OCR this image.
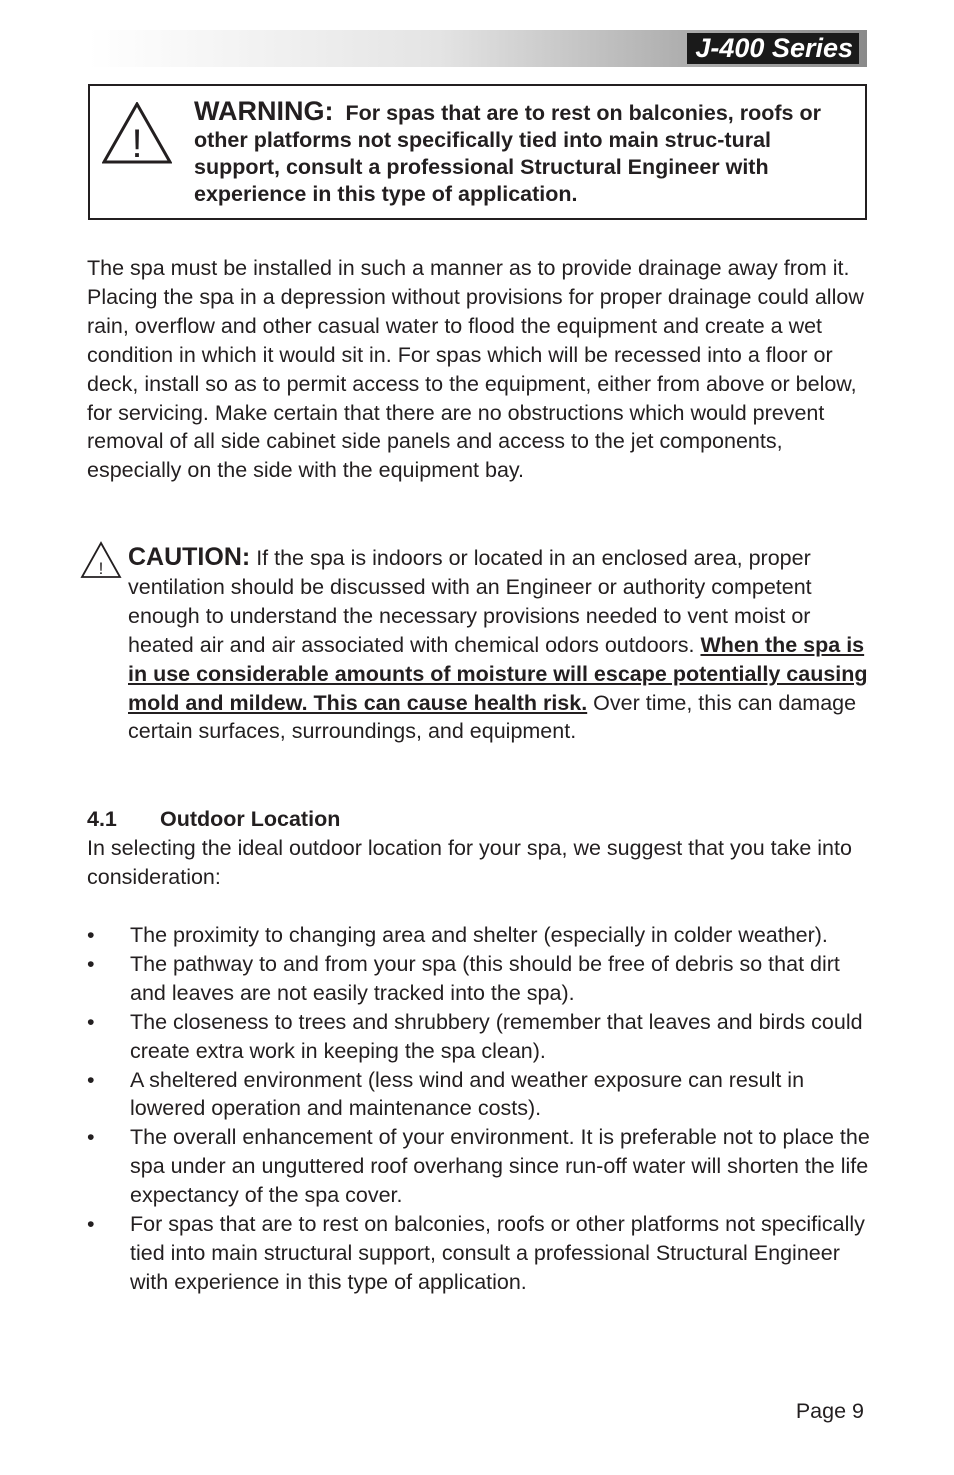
J-400 Series
!
WARNING: For spas that are to rest on balconies, roofs or other platforms not specifically tied into main struc-tural support, consult a professional Structural Engineer with experience in this type of application.
The spa must be installed in such a manner as to provide drainage away from it. Placing the spa in a depression without provisions for proper drainage could allow rain, overflow and other casual water to flood the equipment and create a wet condition in which it would sit in. For spas which will be recessed into a floor or deck, install so as to permit access to the equipment, either from above or below, for servicing. Make certain that there are no obstructions which would prevent removal of all side cabinet side panels and access to the jet components, especially on the side with the equipment bay.
! CAUTION: If the spa is indoors or located in an enclosed area, proper ventilation should be discussed with an Engineer or authority competent enough to understand the necessary provisions needed to vent moist or heated air and air associated with chemical odors outdoors. When the spa is in use considerable amounts of moisture will escape potentially causing mold and mildew. This can cause health risk. Over time, this can damage certain surfaces, surroundings, and equipment.
4.1 Outdoor Location
In selecting the ideal outdoor location for your spa, we suggest that you take into consideration:
• The proximity to changing area and shelter (especially in colder weather).
• The pathway to and from your spa (this should be free of debris so that dirt and leaves are not easily tracked into the spa).
• The closeness to trees and shrubbery (remember that leaves and birds could create extra work in keeping the spa clean).
• A sheltered environment (less wind and weather exposure can result in lowered operation and maintenance costs).
• The overall enhancement of your environment. It is preferable not to place the spa under an unguttered roof overhang since run-off water will shorten the life expectancy of the spa cover.
• For spas that are to rest on balconies, roofs or other platforms not specifically tied into main structural support, consult a professional Structural Engineer with experience in this type of application.
Page 9
